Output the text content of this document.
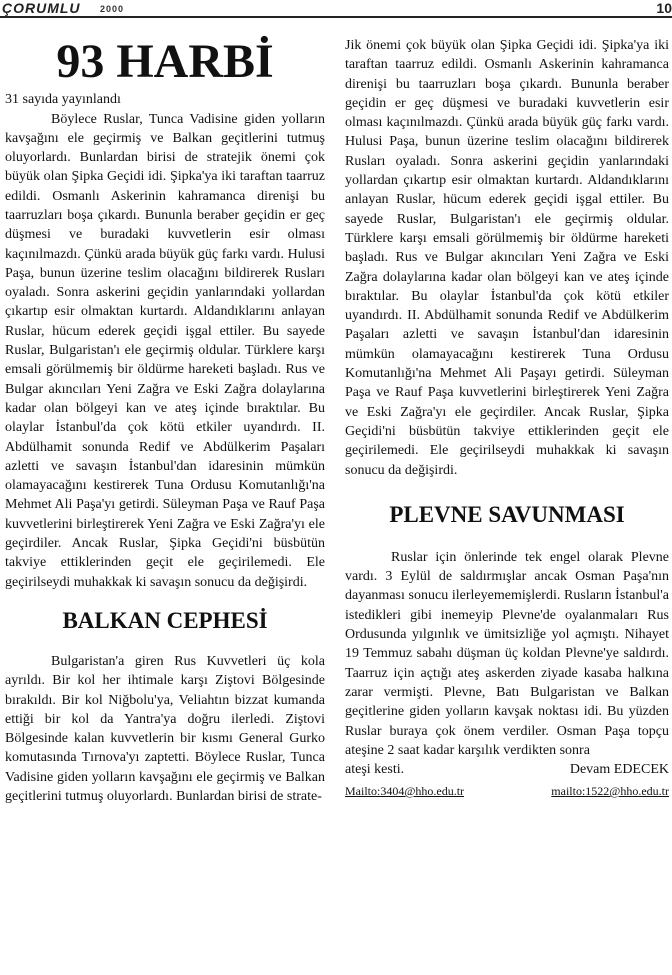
ÇORUMLU 2000	10
93 HARBİ
31 sayıda yayınlandı

Böylece Ruslar, Tunca Vadisine giden yolların kavşağını ele geçirmiş ve Balkan geçitlerini tutmuş oluyorlardı. Bunlardan birisi de stratejik önemi çok büyük olan Şipka Geçidi idi. Şipka'ya iki taraftan taarruz edildi. Osmanlı Askerinin kahramanca direnişi bu taarruzları boşa çıkardı. Bununla beraber geçidin er geç düşmesi ve buradaki kuvvetlerin esir olması kaçınılmazdı. Çünkü arada büyük güç farkı vardı. Hulusi Paşa, bunun üzerine teslim olacağını bildirerek Rusları oyaladı. Sonra askerini geçidin yanlarındaki yollardan çıkartıp esir olmaktan kurtardı. Aldandıklarını anlayan Ruslar, hücum ederek geçidi işgal ettiler. Bu sayede Ruslar, Bulgaristan'ı ele geçirmiş oldular. Türklere karşı emsali görülmemiş bir öldürme hareketi başladı. Rus ve Bulgar akıncıları Yeni Zağra ve Eski Zağra dolaylarına kadar olan bölgeyi kan ve ateş içinde bıraktılar. Bu olaylar İstanbul'da çok kötü etkiler uyandırdı. II. Abdülhamit sonunda Redif ve Abdülkerim Paşaları azletti ve savaşın İstanbul'dan idaresinin mümkün olamayacağını kestirerek Tuna Ordusu Komutanlığı'na Mehmet Ali Paşa'yı getirdi. Süleyman Paşa ve Rauf Paşa kuvvetlerini birleştirerek Yeni Zağra ve Eski Zağra'yı ele geçirdiler. Ancak Ruslar, Şipka Geçidi'ni büsbütün takviye ettiklerinden geçit ele geçirilemedi. Ele geçirilseydi muhakkak ki savaşın sonucu da değişirdi.

BALKAN CEPHESİ

Bulgaristan'a giren Rus Kuvvetleri üç kola ayrıldı. Bir kol her ihtimale karşı Ziştovi Bölgesinde bırakıldı. Bir kol Niğbolu'ya, Veliahtın bizzat kumanda ettiği bir kol da Yantra'ya doğru ilerledi. Ziştovi Bölgesinde kalan kuvvetlerin bir kısmı General Gurko komutasında Tırnova'yı zaptetti. Böylece Ruslar, Tunca Vadisine giden yolların kavşağını ele geçirmiş ve Balkan geçitlerini tutmuş oluyorlardı. Bunlardan birisi de strate-

Jik önemi çok büyük olan Şipka Geçidi idi. Şipka'ya iki taraftan taarruz edildi. Osmanlı Askerinin kahramanca direnişi bu taarruzları boşa çıkardı. Bununla beraber geçidin er geç düşmesi ve buradaki kuvvetlerin esir olması kaçınılmazdı. Çünkü arada büyük güç farkı vardı. Hulusi Paşa, bunun üzerine teslim olacağını bildirerek Rusları oyaladı. Sonra askerini geçidin yanlarındaki yollardan çıkartıp esir olmaktan kurtardı. Aldandıklarını anlayan Ruslar, hücum ederek geçidi işgal ettiler. Bu sayede Ruslar, Bulgaristan'ı ele geçirmiş oldular. Türklere karşı emsali görülmemiş bir öldürme hareketi başladı. Rus ve Bulgar akıncıları Yeni Zağra ve Eski Zağra dolaylarına kadar olan bölgeyi kan ve ateş içinde bıraktılar. Bu olaylar İstanbul'da çok kötü etkiler uyandırdı. II. Abdülhamit sonunda Redif ve Abdülkerim Paşaları azletti ve savaşın İstanbul'dan idaresinin mümkün olamayacağını kestirerek Tuna Ordusu Komutanlığı'na Mehmet Ali Paşayı getirdi. Süleyman Paşa ve Rauf Paşa kuvvetlerini birleştirerek Yeni Zağra ve Eski Zağra'yı ele geçirdiler. Ancak Ruslar, Şipka Geçidi'ni büsbütün takviye ettiklerinden geçit ele geçirilemedi. Ele geçirilseydi muhakkak ki savaşın sonucu da değişirdi.

PLEVNE SAVUNMASI

Ruslar için önlerinde tek engel olarak Plevne vardı. 3 Eylül de saldırmışlar ancak Osman Paşa'nın dayanması sonucu ilerleyememişlerdi. Rusların İstanbul'a istedikleri gibi inemeyip Plevne'de oyalanmaları Rus Ordusunda yılgınlık ve ümitsizliğe yol açmıştı. Nihayet 19 Temmuz sabahı düşman üç koldan Plevne'ye saldırdı. Taarruz için açtığı ateş askerden ziyade kasaba halkına zarar vermişti. Plevne, Batı Bulgaristan ve Balkan geçitlerine giden yolların kavşak noktası idi. Bu yüzden Ruslar buraya çok önem verdiler. Osman Paşa topçu ateşine 2 saat kadar karşılık verdikten sonra

ateşi kesti.	Devam EDECEK
Mailto:3404@hho.edu.tr	mailto:1522@hho.edu.tr
